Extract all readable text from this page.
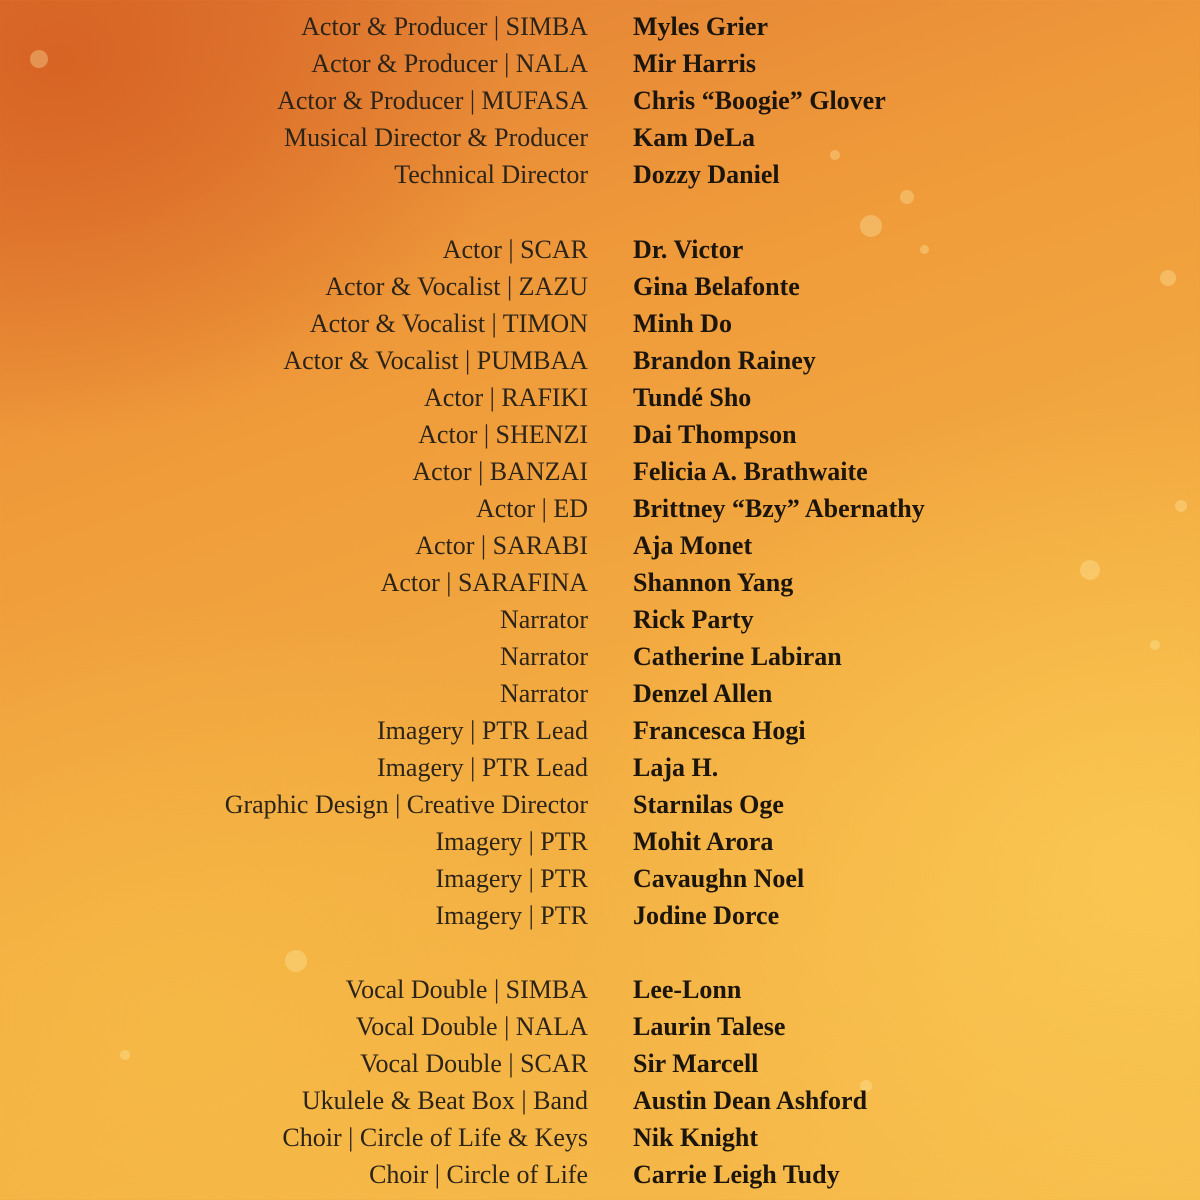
Actor & Producer | SIMBA Myles Grier
Actor & Producer | NALA Mir Harris
Actor & Producer | MUFASA Chris “Boogie” Glover
Musical Director & Producer Kam DeLa
Technical Director Dozzy Daniel
Actor | SCAR Dr. Victor
Actor & Vocalist | ZAZU Gina Belafonte
Actor & Vocalist | TIMON Minh Do
Actor & Vocalist | PUMBAA Brandon Rainey
Actor | RAFIKI Tundé Sho
Actor | SHENZI Dai Thompson
Actor | BANZAI Felicia A. Brathwaite
Actor | ED Brittney “Bzy” Abernathy
Actor | SARABI Aja Monet
Actor | SARAFINA Shannon Yang
Narrator Rick Party
Narrator Catherine Labiran
Narrator Denzel Allen
Imagery | PTR Lead Francesca Hogi
Imagery | PTR Lead Laja H.
Graphic Design | Creative Director Starnilas Oge
Imagery | PTR Mohit Arora
Imagery | PTR Cavaughn Noel
Imagery | PTR Jodine Dorce
Vocal Double | SIMBA Lee-Lonn
Vocal Double | NALA Laurin Talese
Vocal Double | SCAR Sir Marcell
Ukulele & Beat Box | Band Austin Dean Ashford
Choir | Circle of Life & Keys Nik Knight
Choir | Circle of Life Carrie Leigh Tudy
